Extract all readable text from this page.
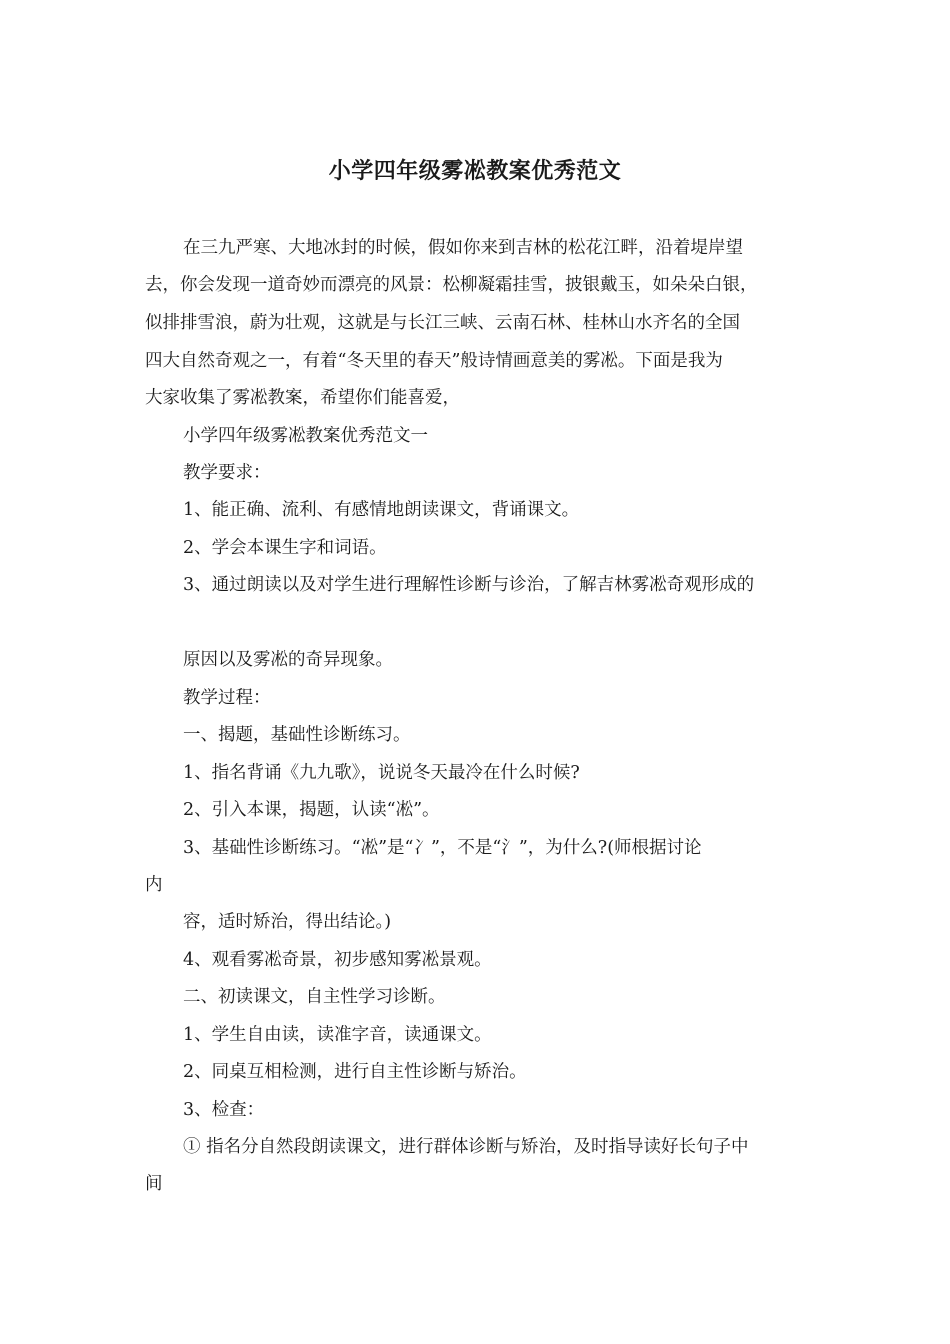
小学四年级雾凇教案优秀范文
在三九严寒、大地冰封的时候，假如你来到吉林的松花江畔，沿着堤岸望
去，你会发现一道奇妙而漂亮的风景：松柳凝霜挂雪，披银戴玉，如朵朵白银，
似排排雪浪，蔚为壮观，这就是与长江三峡、云南石林、桂林山水齐名的全国
四大自然奇观之一，有着“冬天里的春天”般诗情画意美的雾凇。下面是我为
大家收集了雾凇教案，希望你们能喜爱，
小学四年级雾凇教案优秀范文一
教学要求：
1、能正确、流利、有感情地朗读课文，背诵课文。
2、学会本课生字和词语。
3、通过朗读以及对学生进行理解性诊断与诊治，了解吉林雾凇奇观形成的
原因以及雾凇的奇异现象。
教学过程：
一、揭题，基础性诊断练习。
1、指名背诵《九九歌》，说说冬天最冷在什么时候?
2、引入本课，揭题，认读“凇”。
3、基础性诊断练习。“凇”是“冫”，不是“氵”，为什么?(师根据讨论
内
容，适时矫治，得出结论。)
4、观看雾凇奇景，初步感知雾凇景观。
二、初读课文，自主性学习诊断。
1、学生自由读，读准字音，读通课文。
2、同桌互相检测，进行自主性诊断与矫治。
3、检查：
① 指名分自然段朗读课文，进行群体诊断与矫治，及时指导读好长句子中
间
